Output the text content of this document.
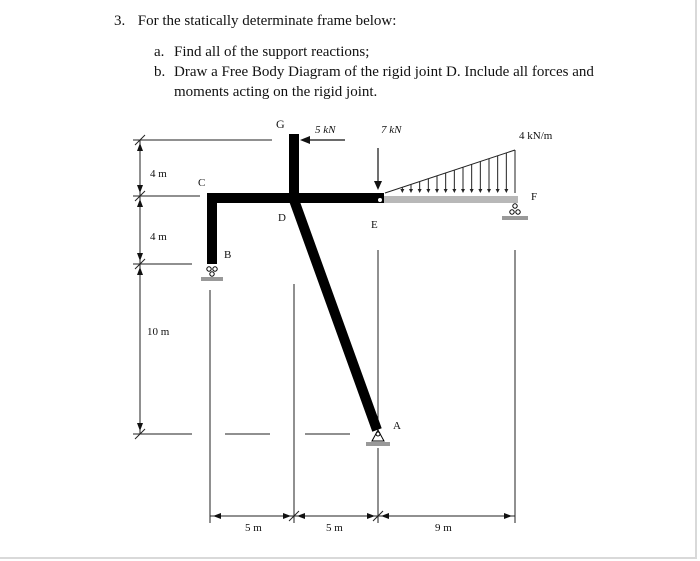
3. For the statically determinate frame below:
a. Find all of the support reactions;
b. Draw a Free Body Diagram of the rigid joint D. Include all forces and moments acting on the rigid joint.
4 m
4 m
10 m
5 m	5 m	9 m
5 kN	7 kN	4 kN/m
G
C
D
E
F
B
A
